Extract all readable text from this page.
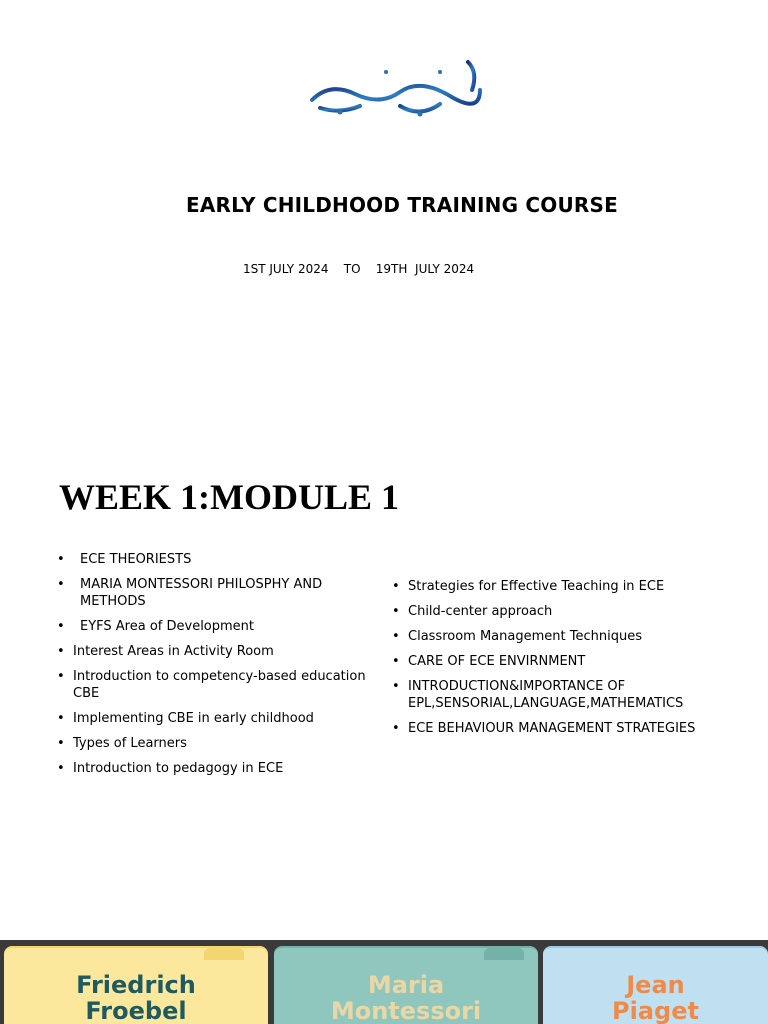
EARLY CHILDHOOD TRAINING COURSE
1ST JULY 2024    TO    19TH  JULY 2024
WEEK 1:MODULE 1
• ECE THEORIESTS
• MARIA MONTESSORI PHILOSPHY AND METHODS
• EYFS Area of Development
• Interest Areas in Activity Room
• Introduction to competency-based education CBE
• Implementing CBE in early childhood
• Types of Learners
• Introduction to pedagogy in ECE
• Strategies for Effective Teaching in ECE
• Child-center approach
• Classroom Management Techniques
• CARE OF ECE ENVIRNMENT
• INTRODUCTION&IMPORTANCE OF EPL,SENSORIAL,LANGUAGE,MATHEMATICS
• ECE BEHAVIOUR MANAGEMENT STRATEGIES
Friedrich
Froebel
Maria
Montessori
Jean
Piaget
